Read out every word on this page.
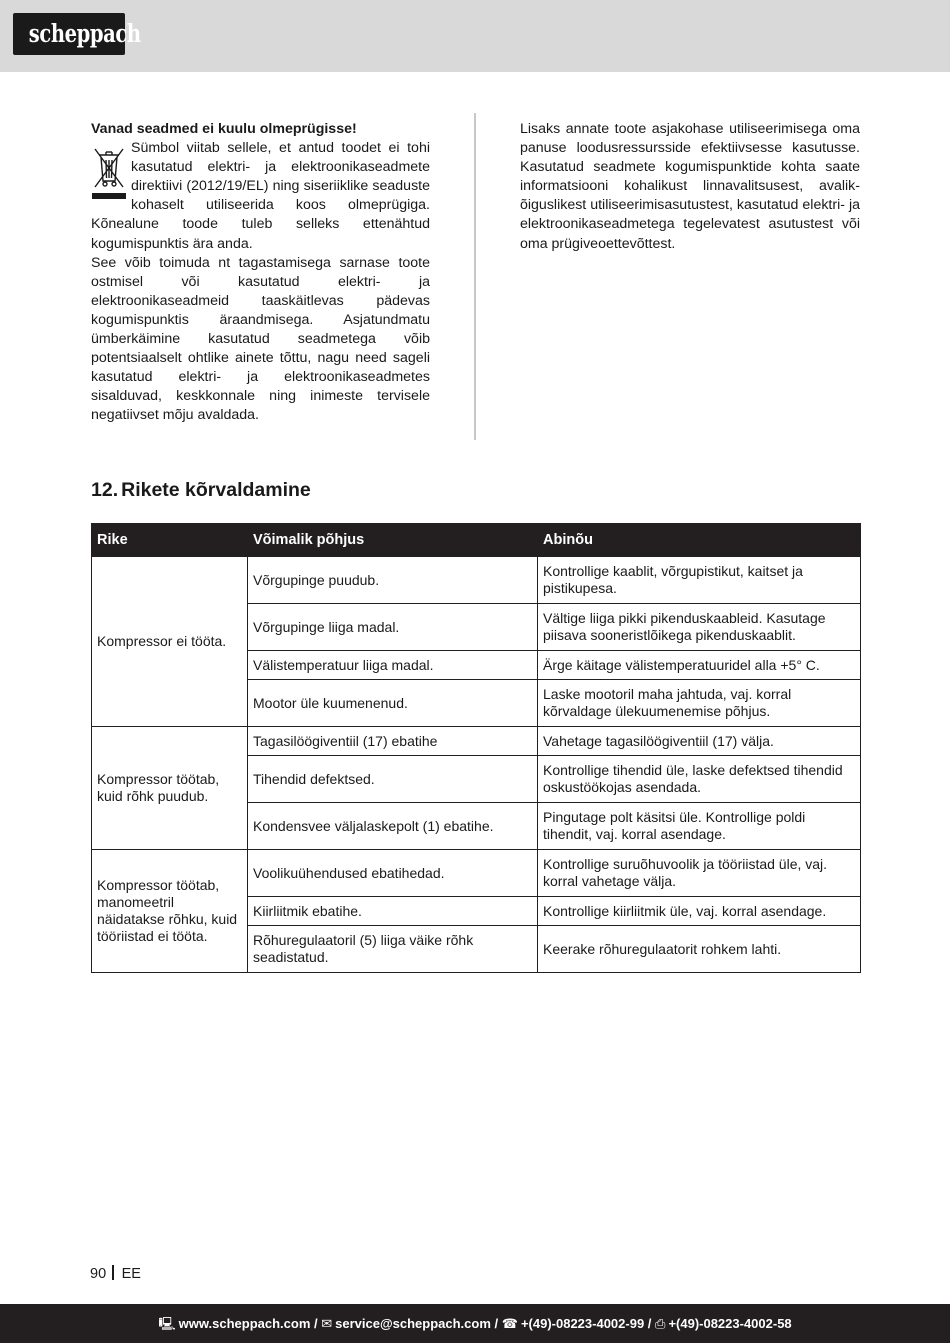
scheppach

Vanad seadmed ei kuulu olmeprügisse!

Sümbol viitab sellele, et antud toodet ei tohi kasutatud elektri- ja elektroonikaseadmete direktiivi (2012/19/EL) ning siseriiklike seaduste kohaselt utiliseerida koos olmeprügiga. Kõnealune toode tuleb selleks ettenähtud kogumispunktis ära anda.

See võib toimuda nt tagastamisega sarnase toote ostmisel või kasutatud elektri- ja elektroonikaseadmeid taaskäitlevas pädevas kogumispunktis äraandmisega. Asjatundmatu ümberkäimine kasutatud seadmetega võib potentsiaalselt ohtlike ainete tõttu, nagu need sageli kasutatud elektri- ja elektroonikaseadmetes sisalduvad, keskkonnale ning inimeste tervisele negatiivset mõju avaldada.

Lisaks annate toote asjakohase utiliseerimisega oma panuse loodusressursside efektiivsesse kasutusse. Kasutatud seadmete kogumispunktide kohta saate informatsiooni kohalikust linnavalitsusest, avalik-õiguslikest utiliseerimisasutustest, kasutatud elektri- ja elektroonikaseadmetega tegelevatest asutustest või oma prügiveoettevõttest.

12. Rikete kõrvaldamine
Rike	Võimalik põhjus	Abinõu
Kompressor ei tööta.	Võrgupinge puudub.	Kontrollige kaablit, võrgupistikut, kaitset ja pistikupesa.
	Võrgupinge liiga madal.	Vältige liiga pikki pikenduskaableid. Kasutage piisava sooneristlõikega pikenduskaablit.
	Välistemperatuur liiga madal.	Ärge käitage välistemperatuuridel alla +5° C.
	Mootor üle kuumenenud.	Laske mootoril maha jahtuda, vaj. korral kõrvaldage ülekuumenemise põhjus.
Kompressor töötab, kuid rõhk puudub.	Tagasilöögiventiil (17) ebatihe	Vahetage tagasilöögiventiil (17) välja.
	Tihendid defektsed.	Kontrollige tihendid üle, laske defektsed tihendid oskustöökojas asendada.
	Kondensvee väljalaskepolt (1) ebatihe.	Pingutage polt käsitsi üle. Kontrollige poldi tihendit, vaj. korral asendage.
Kompressor töötab, manomeetril näidatakse rõhku, kuid tööriistad ei tööta.	Voolikuühendused ebatihedad.	Kontrollige suruõhuvoolik ja tööriistad üle, vaj. korral vahetage välja.
	Kiirliitmik ebatihe.	Kontrollige kiirliitmik üle, vaj. korral asendage.
	Rõhuregulaatoril (5) liiga väike rõhk seadistatud.	Keerake rõhuregulaatorit rohkem lahti.
90 EE
🖳 www.scheppach.com / ✉ service@scheppach.com / ☎ +(49)-08223-4002-99 / ⎙ +(49)-08223-4002-58
